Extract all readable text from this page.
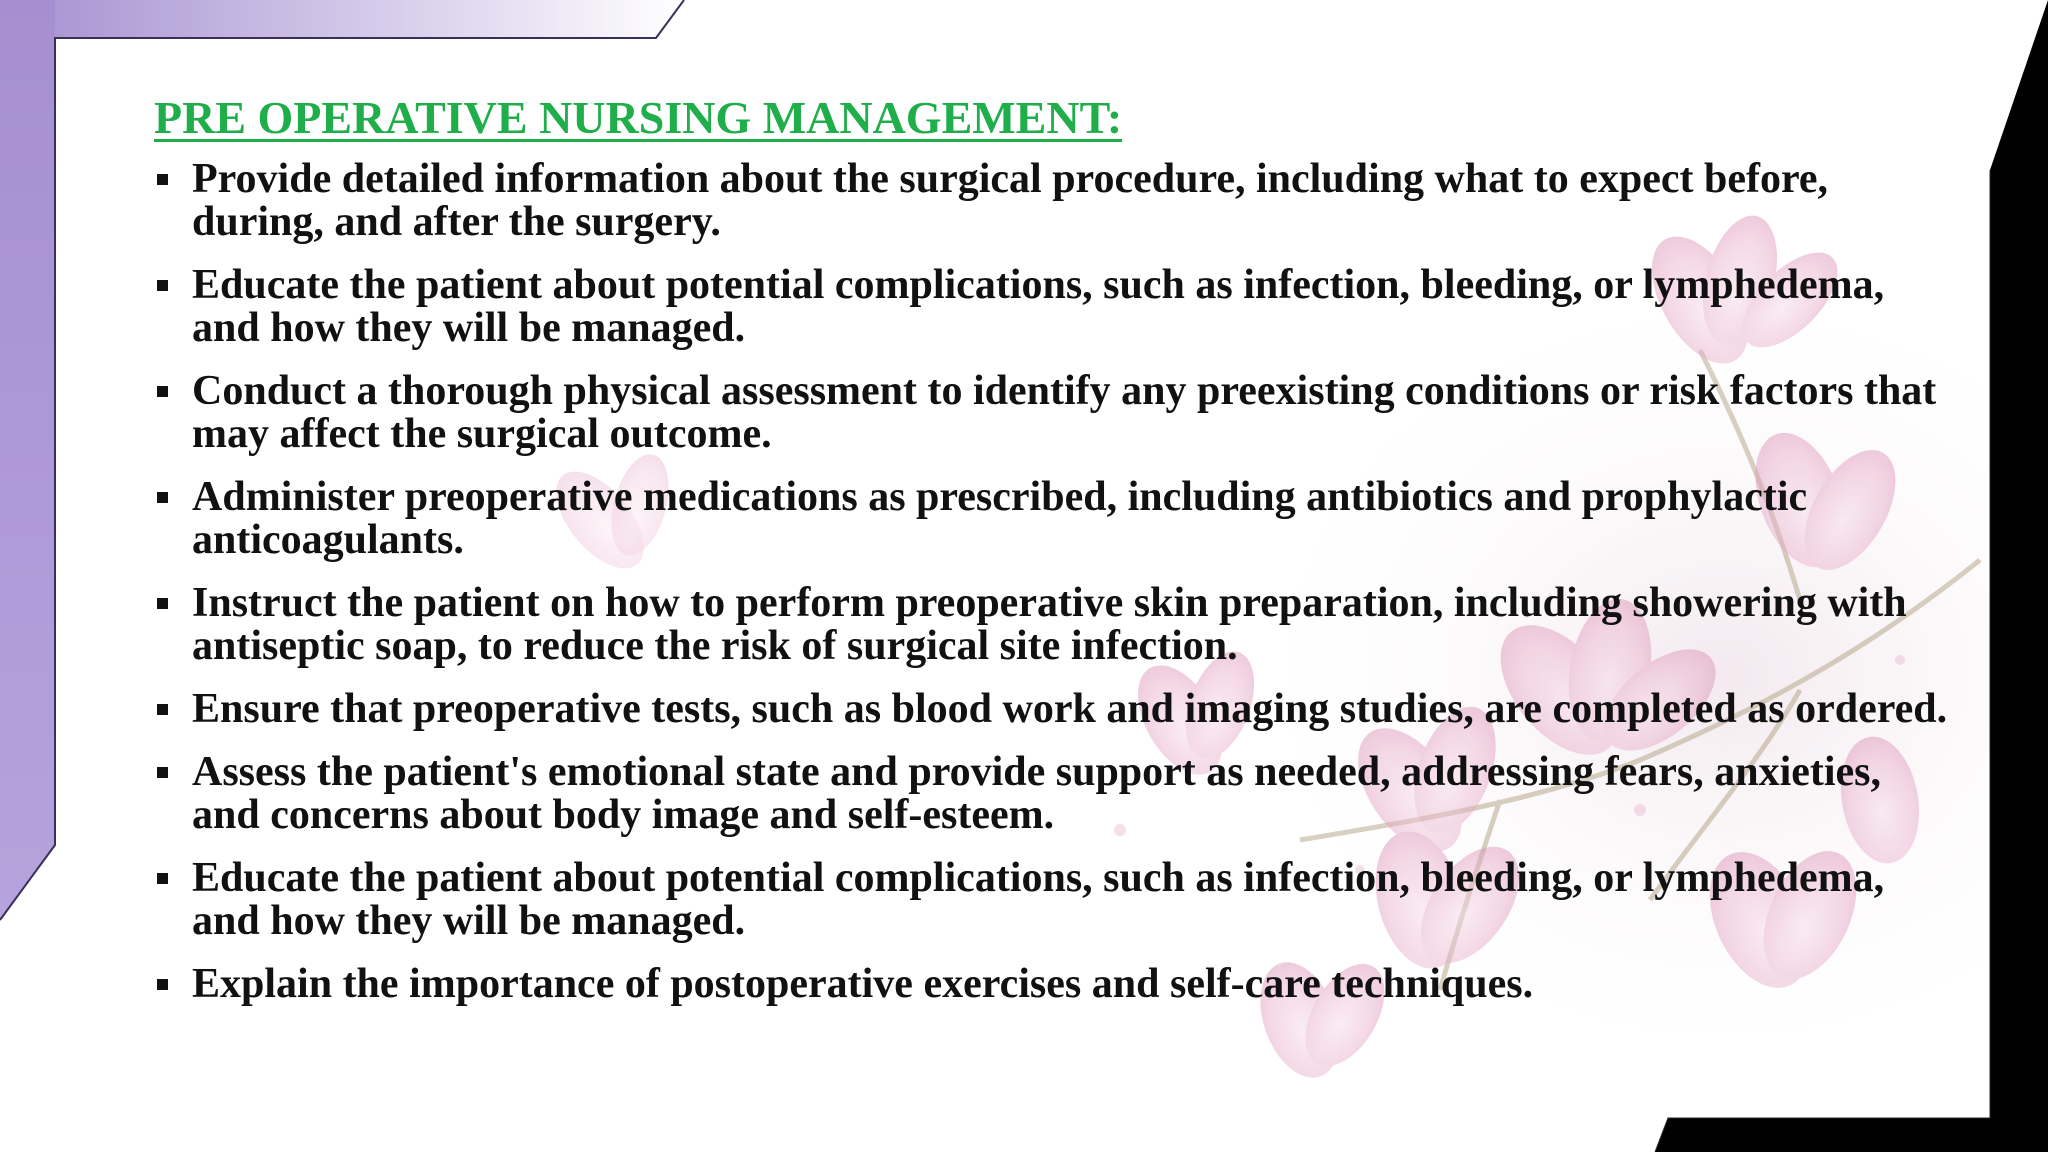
PRE OPERATIVE NURSING MANAGEMENT:
Provide detailed information about the surgical procedure, including what to expect before, during, and after the surgery.
Educate the patient about potential complications, such as infection, bleeding, or lymphedema, and how they will be managed.
Conduct a thorough physical assessment to identify any preexisting conditions or risk factors that may affect the surgical outcome.
Administer preoperative medications as prescribed, including antibiotics and prophylactic anticoagulants.
Instruct the patient on how to perform preoperative skin preparation, including showering with antiseptic soap, to reduce the risk of surgical site infection.
Ensure that preoperative tests, such as blood work and imaging studies, are completed as ordered.
Assess the patient's emotional state and provide support as needed, addressing fears, anxieties, and concerns about body image and self-esteem.
Educate the patient about potential complications, such as infection, bleeding, or lymphedema, and how they will be managed.
Explain the importance of postoperative exercises and self-care techniques.
